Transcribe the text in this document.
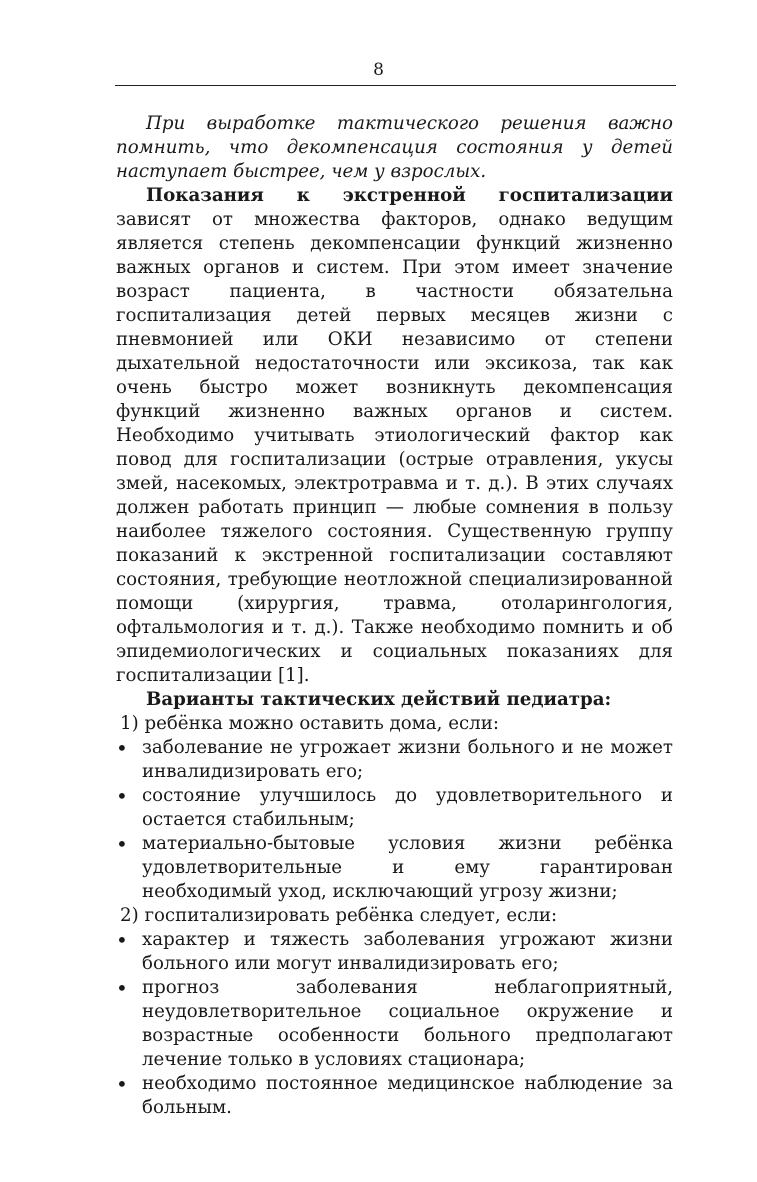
8

При выработке тактического решения важно помнить, что декомпенсация состояния у детей наступает быстрее, чем у взрослых.

Показания к экстренной госпитализации зависят от множества факторов, однако ведущим является степень декомпенсации функций жизненно важных органов и систем. При этом имеет значение возраст пациента, в частности обязательна госпитализация детей первых месяцев жизни с пневмонией или ОКИ независимо от степени дыхательной недостаточности или эксикоза, так как очень быстро может возникнуть декомпенсация функций жизненно важных органов и систем. Необходимо учитывать этиологический фактор как повод для госпитализации (острые отравления, укусы змей, насекомых, электротравма и т. д.). В этих случаях должен работать принцип — любые сомнения в пользу наиболее тяжелого состояния. Существенную группу показаний к экстренной госпитализации составляют состояния, требующие неотложной специализированной помощи (хирургия, травма, отоларингология, офтальмология и т. д.). Также необходимо помнить и об эпидемиологических и социальных показаниях для госпитализации [1].

Варианты тактических действий педиатра:

1) ребёнка можно оставить дома, если:

• заболевание не угрожает жизни больного и не может инвалидизировать его;
• состояние улучшилось до удовлетворительного и остается стабильным;
• материально-бытовые условия жизни ребёнка удовлетворительные и ему гарантирован необходимый уход, исключающий угрозу жизни;

2) госпитализировать ребёнка следует, если:

• характер и тяжесть заболевания угрожают жизни больного или могут инвалидизировать его;
• прогноз заболевания неблагоприятный, неудовлетворительное социальное окружение и возрастные особенности больного предполагают лечение только в условиях стационара;
• необходимо постоянное медицинское наблюдение за больным.
